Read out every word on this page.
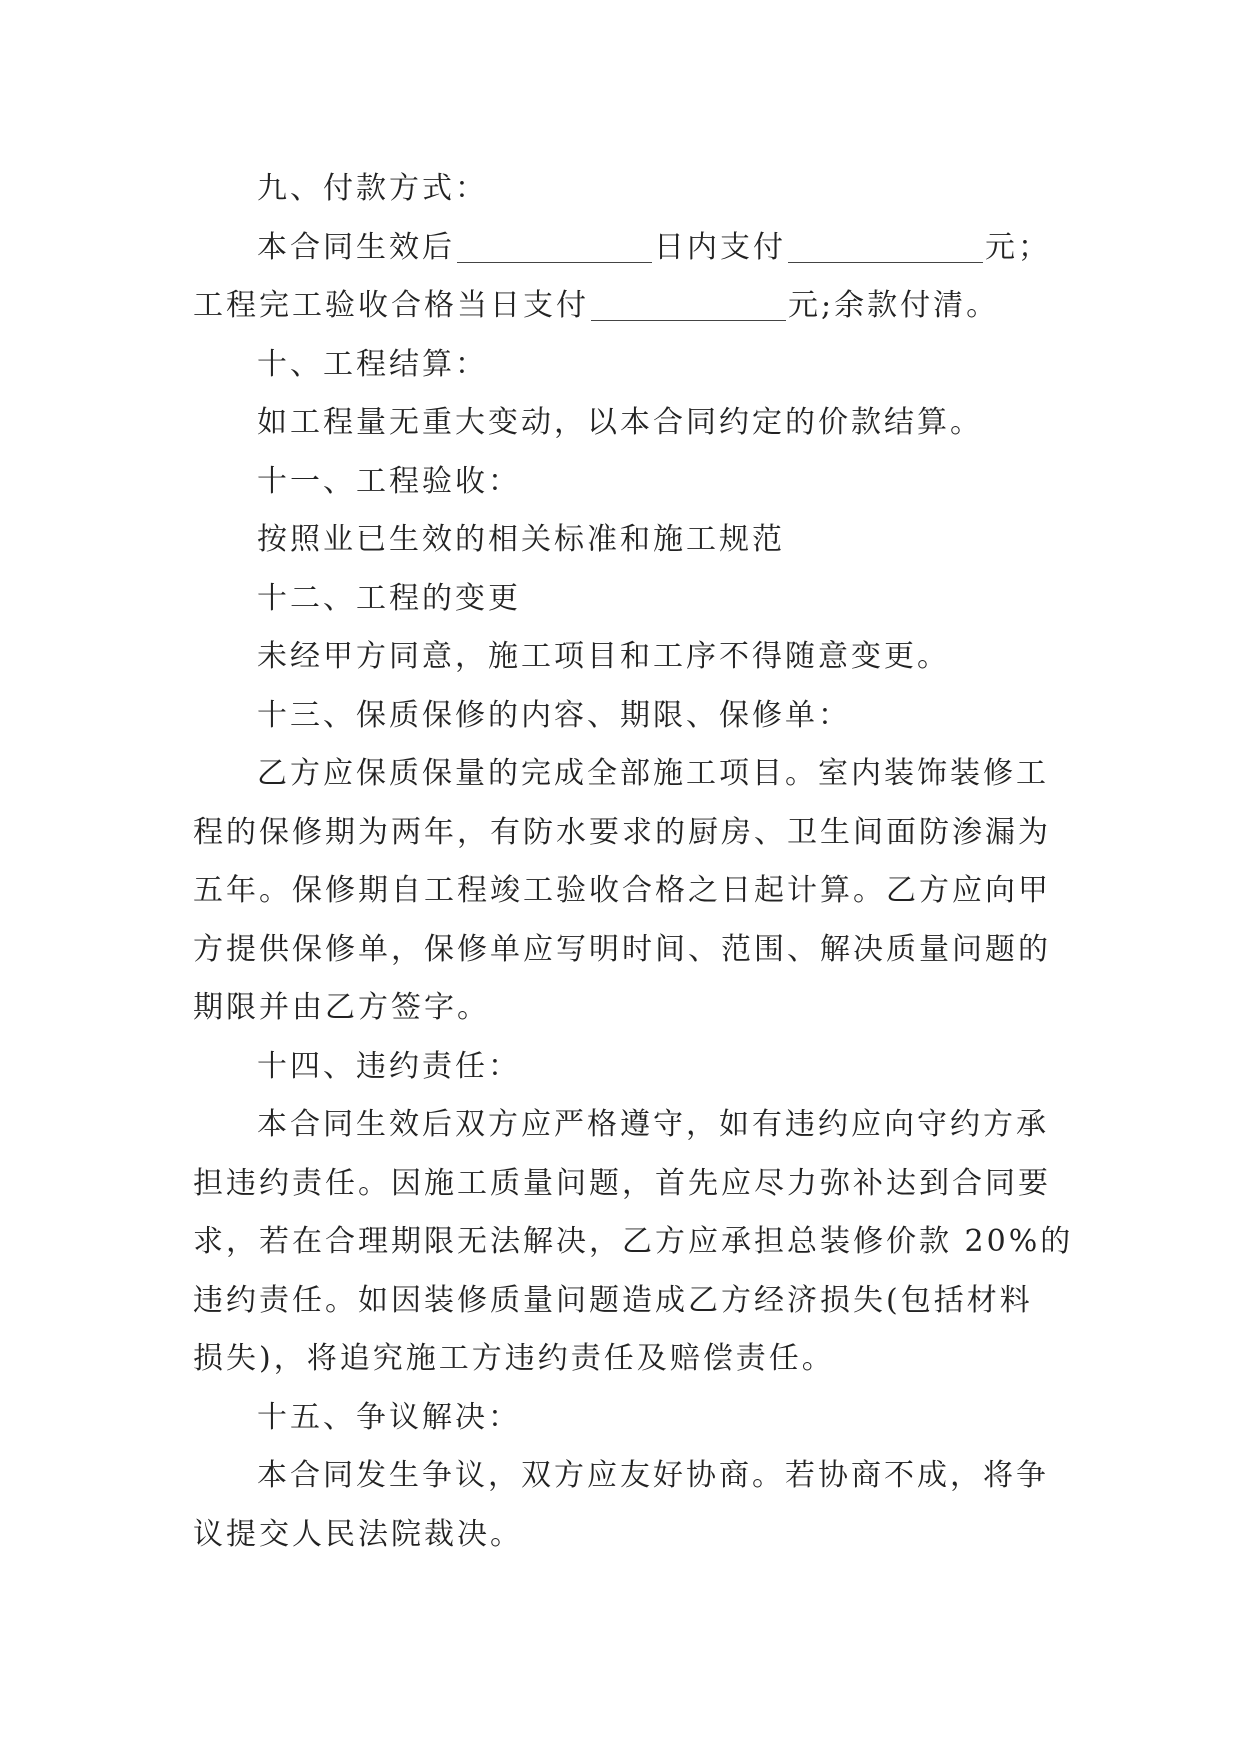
九、付款方式：
本合同生效后	日内支付	元；
工程完工验收合格当日支付	元;余款付清。
十、工程结算：
如工程量无重大变动，以本合同约定的价款结算。
十一、工程验收：
按照业已生效的相关标准和施工规范
十二、工程的变更
未经甲方同意，施工项目和工序不得随意变更。
十三、保质保修的内容、期限、保修单：
乙方应保质保量的完成全部施工项目。室内装饰装修工
程的保修期为两年，有防水要求的厨房、卫生间面防渗漏为
五年。保修期自工程竣工验收合格之日起计算。乙方应向甲
方提供保修单，保修单应写明时间、范围、解决质量问题的
期限并由乙方签字。
十四、违约责任：
本合同生效后双方应严格遵守，如有违约应向守约方承
担违约责任。因施工质量问题，首先应尽力弥补达到合同要
求，若在合理期限无法解决，乙方应承担总装修价款 20%的
违约责任。如因装修质量问题造成乙方经济损失(包括材料
损失)，将追究施工方违约责任及赔偿责任。
十五、争议解决：
本合同发生争议，双方应友好协商。若协商不成，将争
议提交人民法院裁决。
